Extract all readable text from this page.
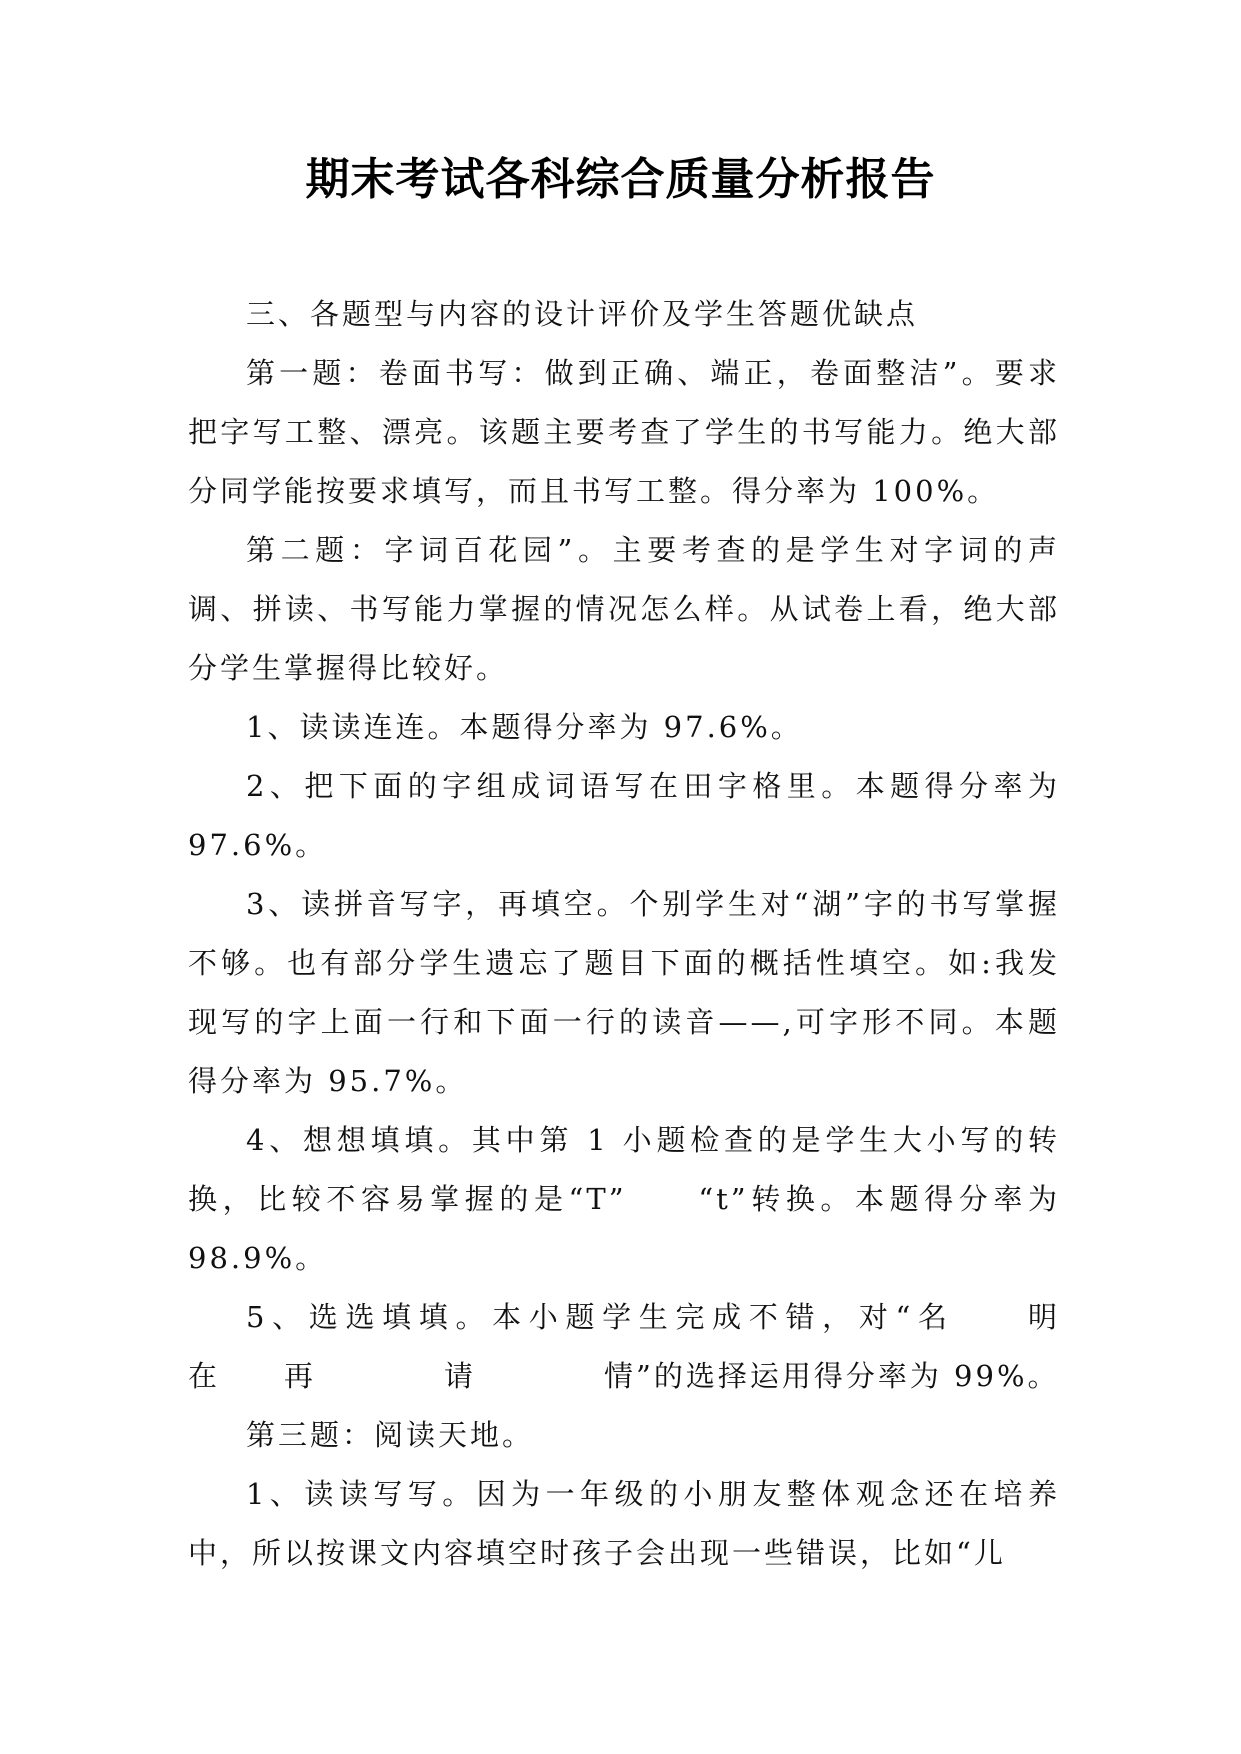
期末考试各科综合质量分析报告

三、各题型与内容的设计评价及学生答题优缺点

第一题：卷面书写：做到正确、端正，卷面整洁”。要求把字写工整、漂亮。该题主要考查了学生的书写能力。绝大部分同学能按要求填写，而且书写工整。得分率为 100%。

第二题：字词百花园”。主要考查的是学生对字词的声调、拼读、书写能力掌握的情况怎么样。从试卷上看，绝大部分学生掌握得比较好。

1、读读连连。本题得分率为 97.6%。

2、把下面的字组成词语写在田字格里。本题得分率为 97.6%。

3、读拼音写字，再填空。个别学生对“湖”字的书写掌握不够。也有部分学生遗忘了题目下面的概括性填空。如:我发现写的字上面一行和下面一行的读音——,可字形不同。本题得分率为 95.7%。

4、想想填填。其中第 1 小题检查的是学生大小写的转换，比较不容易掌握的是“T”　　“t”转换。本题得分率为 98.9%。

5、选选填填。本小题学生完成不错，对“名　　明　　　在　　再　　　　请　　　　情”的选择运用得分率为 99%。

第三题：阅读天地。

1、读读写写。因为一年级的小朋友整体观念还在培养中，所以按课文内容填空时孩子会出现一些错误，比如“儿
